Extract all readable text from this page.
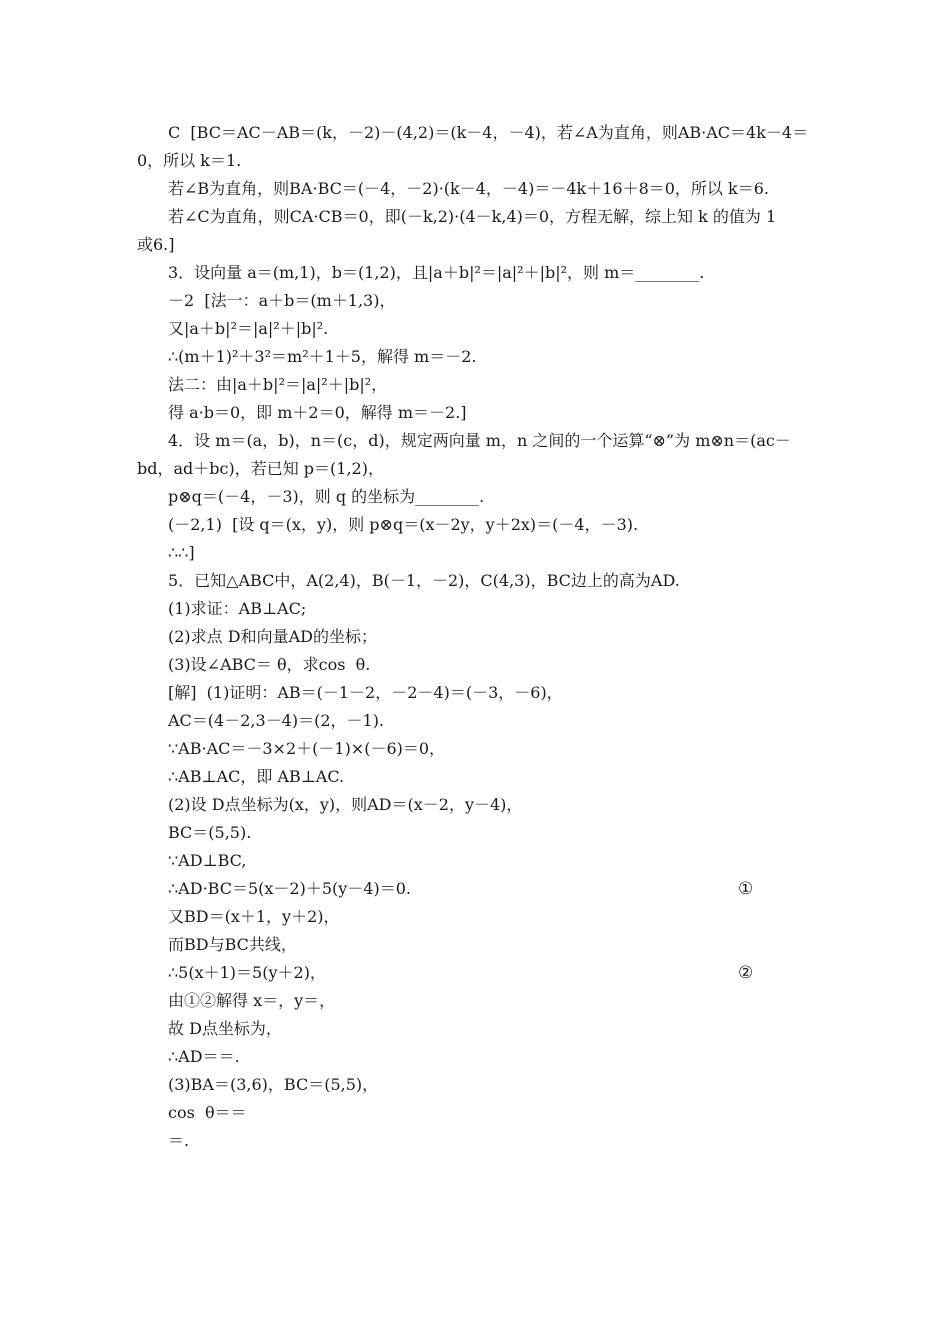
C  [BC＝AC－AB＝(k，－2)－(4,2)＝(k－4，－4)，若∠A为直角，则AB·AC＝4k－4＝
0，所以 k＝1.
若∠B为直角，则BA·BC＝(－4，－2)·(k－4，－4)＝－4k＋16＋8＝0，所以 k＝6.
若∠C为直角，则CA·CB＝0，即(－k,2)·(4－k,4)＝0，方程无解，综上知 k 的值为 1
或6.]
3．设向量 a＝(m,1)，b＝(1,2)，且|a＋b|²＝|a|²＋|b|²，则 m＝________.
－2  [法一：a＋b＝(m＋1,3)，
又|a＋b|²＝|a|²＋|b|².
∴(m＋1)²＋3²＝m²＋1＋5，解得 m＝－2.
法二：由|a＋b|²＝|a|²＋|b|²，
得 a·b＝0，即 m＋2＝0，解得 m＝－2.]
4．设 m＝(a，b)，n＝(c，d)，规定两向量 m，n 之间的一个运算“⊗”为 m⊗n＝(ac－
bd，ad＋bc)，若已知 p＝(1,2)，
p⊗q＝(－4，－3)，则 q 的坐标为________.
(－2,1)  [设 q＝(x，y)，则 p⊗q＝(x－2y，y＋2x)＝(－4，－3).
∴∴]
5．已知△ABC中，A(2,4)，B(－1，－2)，C(4,3)，BC边上的高为AD.
(1)求证：AB⊥AC;
(2)求点 D和向量AD的坐标；
(3)设∠ABC＝ θ，求cos  θ.
[解]  (1)证明：AB＝(－1－2，－2－4)＝(－3，－6)，
AC＝(4－2,3－4)＝(2，－1).
∵AB·AC＝－3×2＋(－1)×(－6)＝0，
∴AB⊥AC，即 AB⊥AC.
(2)设 D点坐标为(x，y)，则AD＝(x－2，y－4)，
BC＝(5,5).
∵AD⊥BC,
∴AD·BC＝5(x－2)＋5(y－4)＝0.
又BD＝(x＋1，y＋2)，
而BD与BC共线，
∴5(x＋1)＝5(y＋2)，
由①②解得 x＝，y＝，
故 D点坐标为，
∴AD＝＝.
(3)BA＝(3,6)，BC＝(5,5)，
cos  θ＝＝
＝.
①
②
